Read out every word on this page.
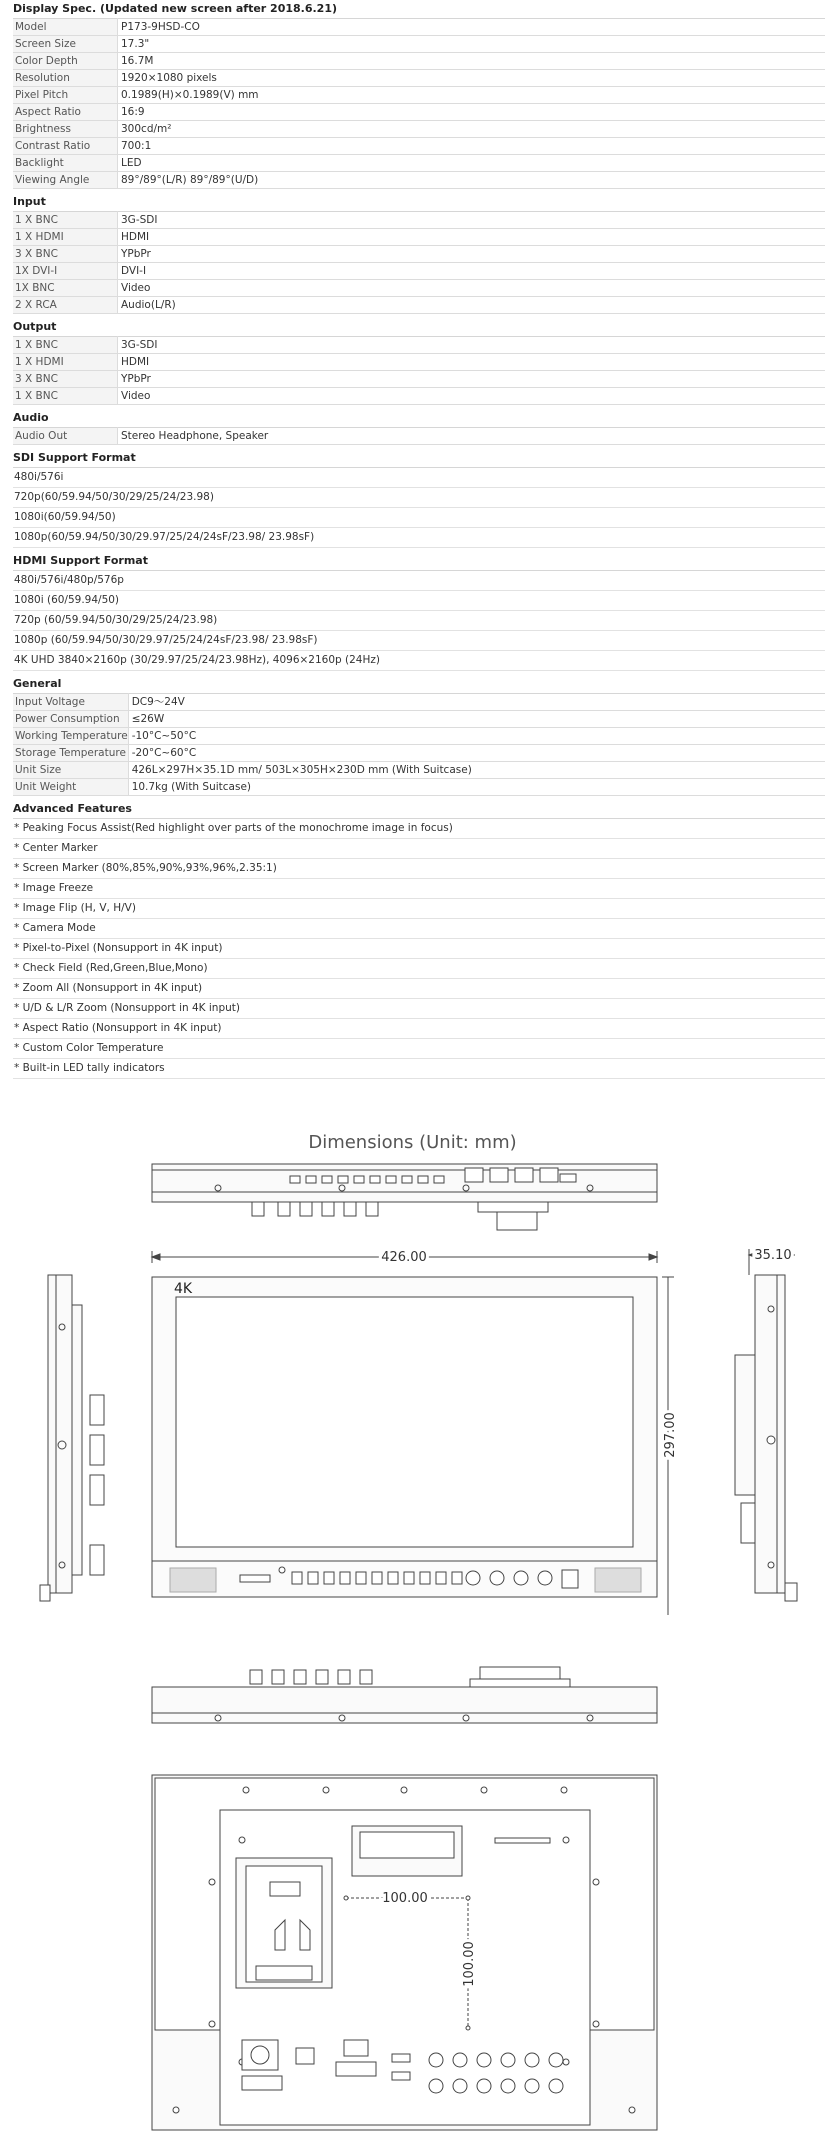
Display Spec. (Updated new screen after 2018.6.21)
Model	P173-9HSD-CO
Screen Size	17.3"
Color Depth	16.7M
Resolution	1920×1080 pixels
Pixel Pitch	0.1989(H)×0.1989(V) mm
Aspect Ratio	16:9
Brightness	300cd/m²
Contrast Ratio	700:1
Backlight	LED
Viewing Angle	89°/89°(L/R) 89°/89°(U/D)
Input
1 X BNC	3G-SDI
1 X HDMI	HDMI
3 X BNC	YPbPr
1X DVI-I	DVI-I
1X BNC	Video
2 X RCA	Audio(L/R)
Output
1 X BNC	3G-SDI
1 X HDMI	HDMI
3 X BNC	YPbPr
1 X BNC	Video
Audio
Audio Out	Stereo Headphone, Speaker
SDI Support Format
480i/576i
720p(60/59.94/50/30/29/25/24/23.98)
1080i(60/59.94/50)
1080p(60/59.94/50/30/29.97/25/24/24sF/23.98/ 23.98sF)
HDMI Support Format
480i/576i/480p/576p
1080i (60/59.94/50)
720p (60/59.94/50/30/29/25/24/23.98)
1080p (60/59.94/50/30/29.97/25/24/24sF/23.98/ 23.98sF)
4K UHD 3840×2160p (30/29.97/25/24/23.98Hz), 4096×2160p (24Hz)
General
Input Voltage	DC9～24V
Power Consumption	≤26W
Working Temperature	-10°C~50°C
Storage Temperature	-20°C~60°C
Unit Size	426L×297H×35.1D mm/ 503L×305H×230D mm (With Suitcase)
Unit Weight	10.7kg (With Suitcase)
Advanced Features
* Peaking Focus Assist(Red highlight over parts of the monochrome image in focus)
* Center Marker
* Screen Marker (80%,85%,90%,93%,96%,2.35:1)
* Image Freeze
* Image Flip (H, V, H/V)
* Camera Mode
* Pixel-to-Pixel (Nonsupport in 4K input)
* Check Field (Red,Green,Blue,Mono)
* Zoom All (Nonsupport in 4K input)
* U/D & L/R Zoom (Nonsupport in 4K input)
* Aspect Ratio (Nonsupport in 4K input)
* Custom Color Temperature
* Built-in LED tally indicators
Dimensions (Unit: mm)
426.00
4K
297.00
35.10
100.00
100.00
